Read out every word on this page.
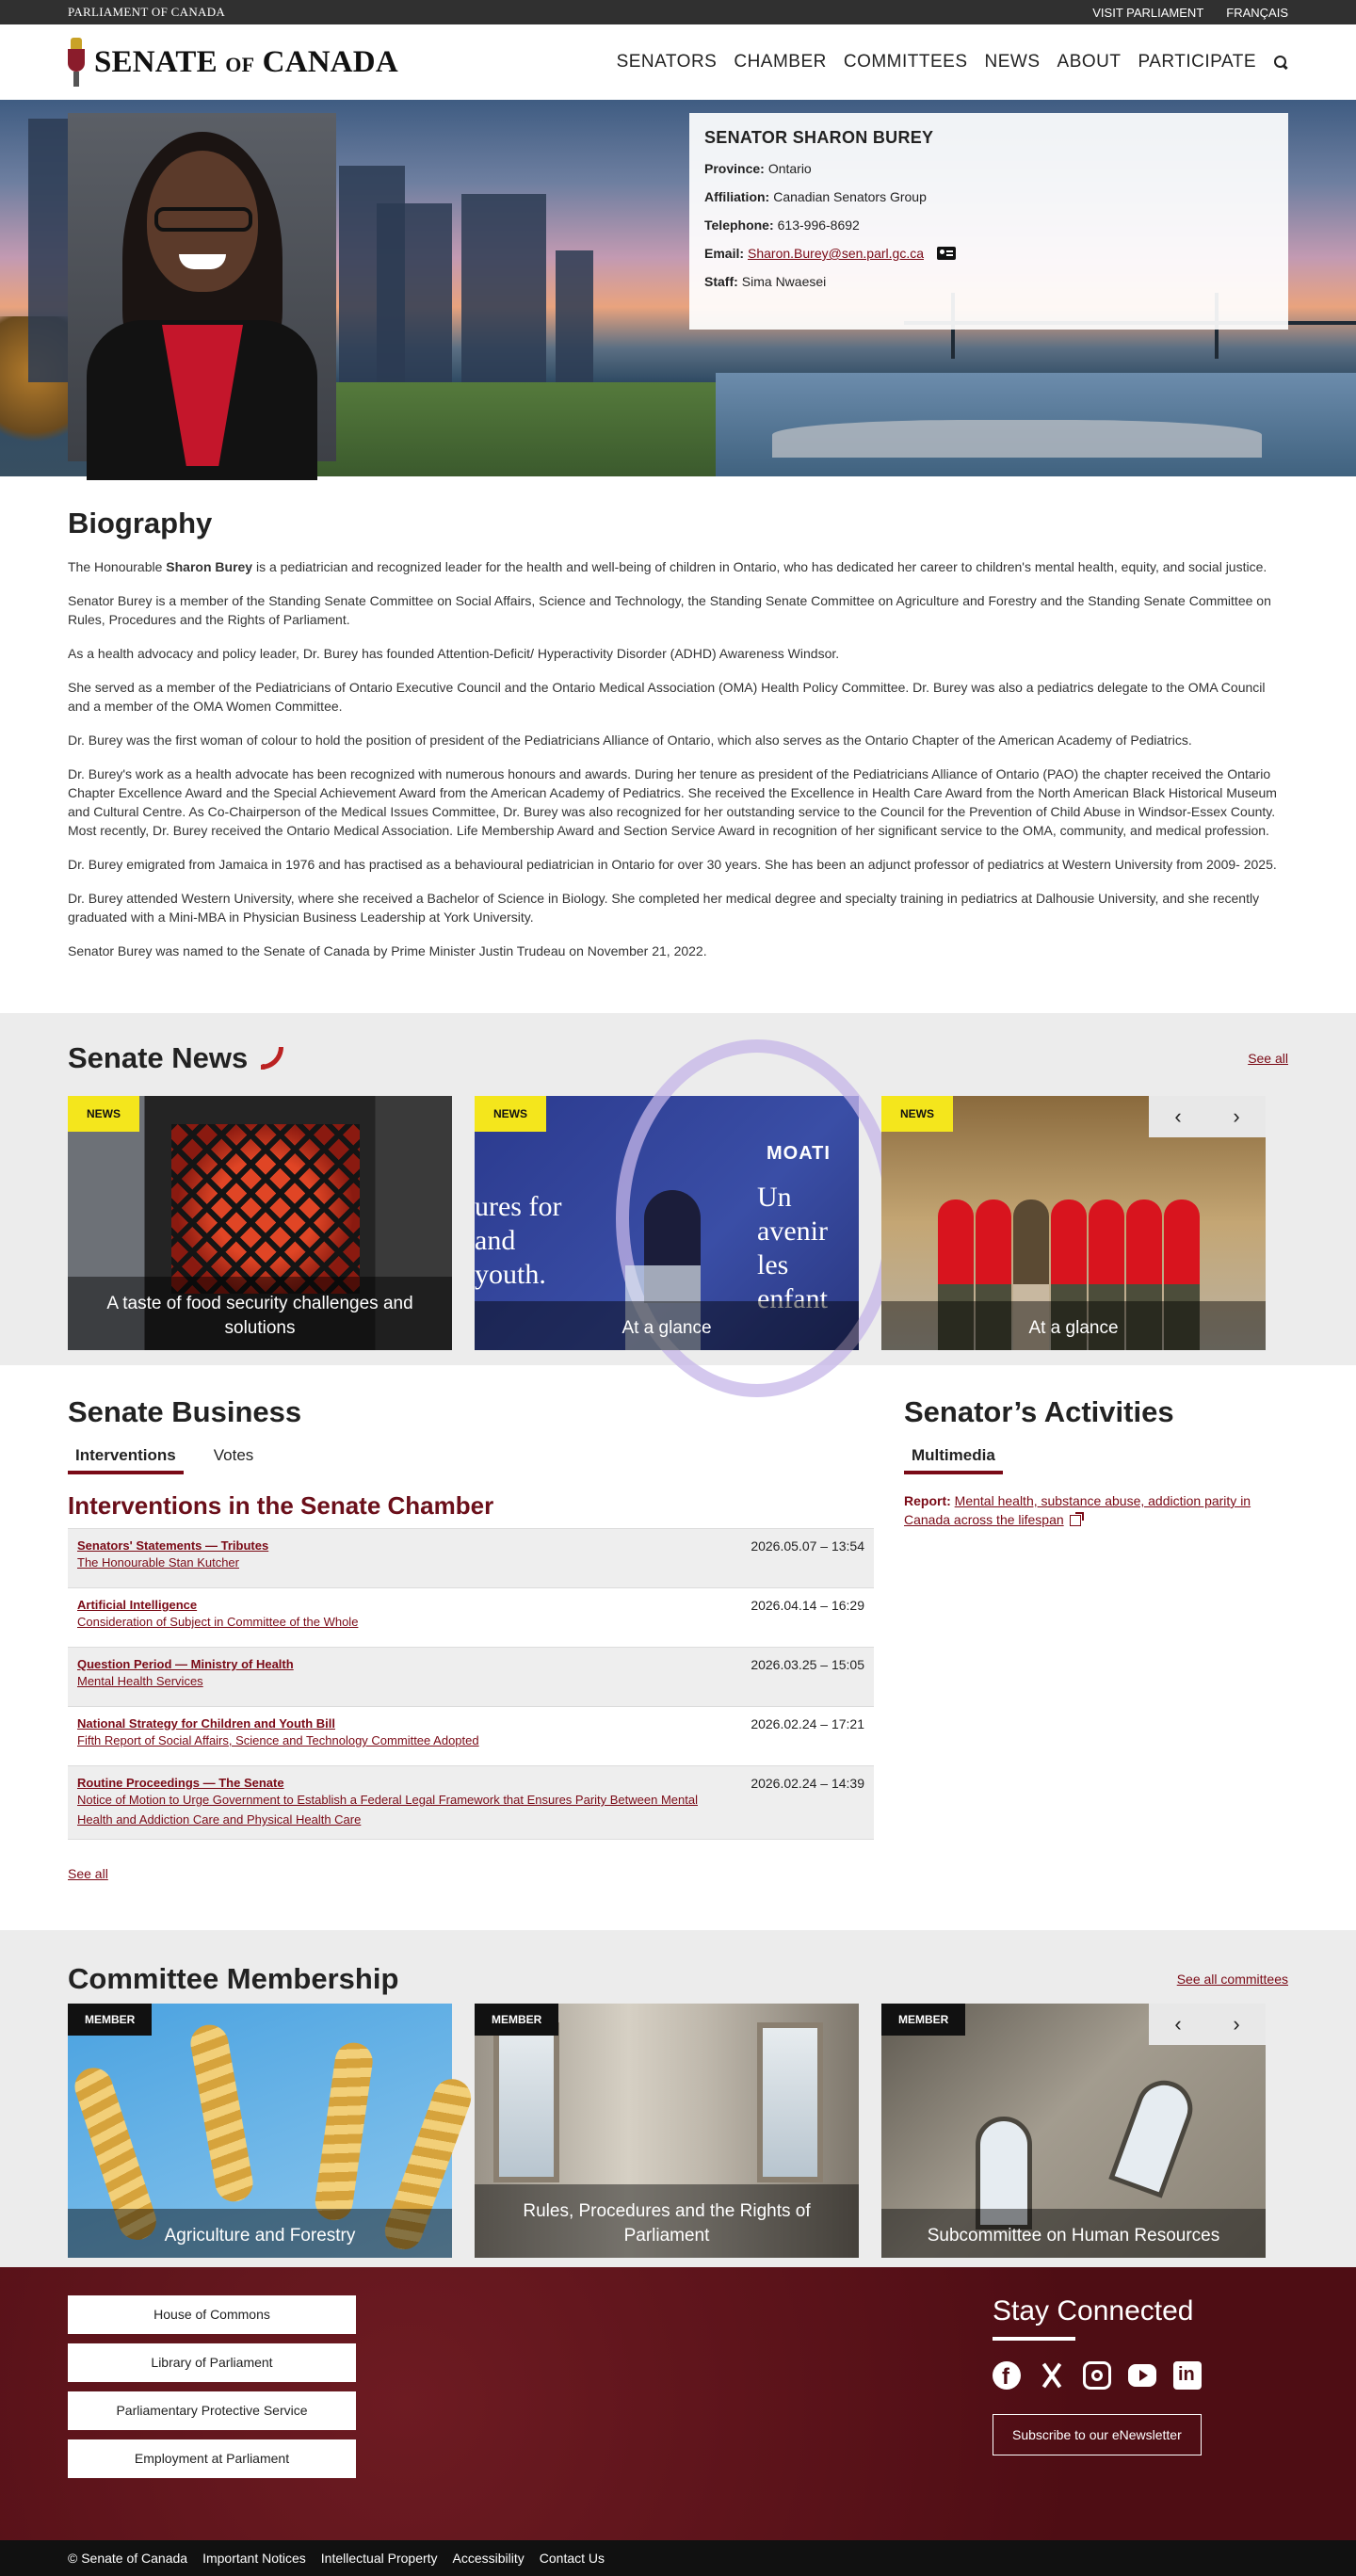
PARLIAMENT OF CANADA	VISIT PARLIAMENT FRANÇAIS
SENATE OF CANADA	SENATORS CHAMBER COMMITTEES NEWS ABOUT PARTICIPATE
SENATOR SHARON BUREY

Province: Ontario

Affiliation: Canadian Senators Group

Telephone: 613-996-8692

Email: Sharon.Burey@sen.parl.gc.ca

Staff: Sima Nwaesei

Biography

The Honourable Sharon Burey is a pediatrician and recognized leader for the health and well-being of children in Ontario, who has dedicated her career to children's mental health, equity, and social justice.

Senator Burey is a member of the Standing Senate Committee on Social Affairs, Science and Technology, the Standing Senate Committee on Agriculture and Forestry and the Standing Senate Committee on Rules, Procedures and the Rights of Parliament.

As a health advocacy and policy leader, Dr. Burey has founded Attention-Deficit/ Hyperactivity Disorder (ADHD) Awareness Windsor.

She served as a member of the Pediatricians of Ontario Executive Council and the Ontario Medical Association (OMA) Health Policy Committee. Dr. Burey was also a pediatrics delegate to the OMA Council and a member of the OMA Women Committee.

Dr. Burey was the first woman of colour to hold the position of president of the Pediatricians Alliance of Ontario, which also serves as the Ontario Chapter of the American Academy of Pediatrics.

Dr. Burey's work as a health advocate has been recognized with numerous honours and awards. During her tenure as president of the Pediatricians Alliance of Ontario (PAO) the chapter received the Ontario Chapter Excellence Award and the Special Achievement Award from the American Academy of Pediatrics. She received the Excellence in Health Care Award from the North American Black Historical Museum and Cultural Centre. As Co-Chairperson of the Medical Issues Committee, Dr. Burey was also recognized for her outstanding service to the Council for the Prevention of Child Abuse in Windsor-Essex County. Most recently, Dr. Burey received the Ontario Medical Association. Life Membership Award and Section Service Award in recognition of her significant service to the OMA, community, and medical profession.

Dr. Burey emigrated from Jamaica in 1976 and has practised as a behavioural pediatrician in Ontario for over 30 years. She has been an adjunct professor of pediatrics at Western University from 2009- 2025.

Dr. Burey attended Western University, where she received a Bachelor of Science in Biology. She completed her medical degree and specialty training in pediatrics at Dalhousie University, and she recently graduated with a Mini-MBA in Physician Business Leadership at York University.

Senator Burey was named to the Senate of Canada by Prime Minister Justin Trudeau on November 21, 2022.

Senate News	See all
NEWS
A taste of food security challenges and solutions
MOATI
Un avenir les enfant
ures for and youth.
NEWS
At a glance
NEWS
At a glance
‹	›
Senate Business
Interventions	Votes
Interventions in the Senate Chamber
Senators' Statements — Tributes
The Honourable Stan Kutcher
2026.05.07 – 13:54
Artificial Intelligence
Consideration of Subject in Committee of the Whole
2026.04.14 – 16:29
Question Period — Ministry of Health
Mental Health Services
2026.03.25 – 15:05
National Strategy for Children and Youth Bill
Fifth Report of Social Affairs, Science and Technology Committee Adopted
2026.02.24 – 17:21
Routine Proceedings — The Senate
Notice of Motion to Urge Government to Establish a Federal Legal Framework that Ensures Parity Between Mental Health and Addiction Care and Physical Health Care
2026.02.24 – 14:39
See all
Senator’s Activities
Multimedia
Report: Mental health, substance abuse, addiction parity in Canada across the lifespan
Committee Membership	See all committees
MEMBER
Agriculture and Forestry
MEMBER
Rules, Procedures and the Rights of Parliament
MEMBER
Subcommittee on Human Resources
‹	›
House of Commons
Library of Parliament
Parliamentary Protective Service
Employment at Parliament
Stay Connected
f
in
Subscribe to our eNewsletter
© Senate of Canada Important Notices Intellectual Property Accessibility Contact Us
